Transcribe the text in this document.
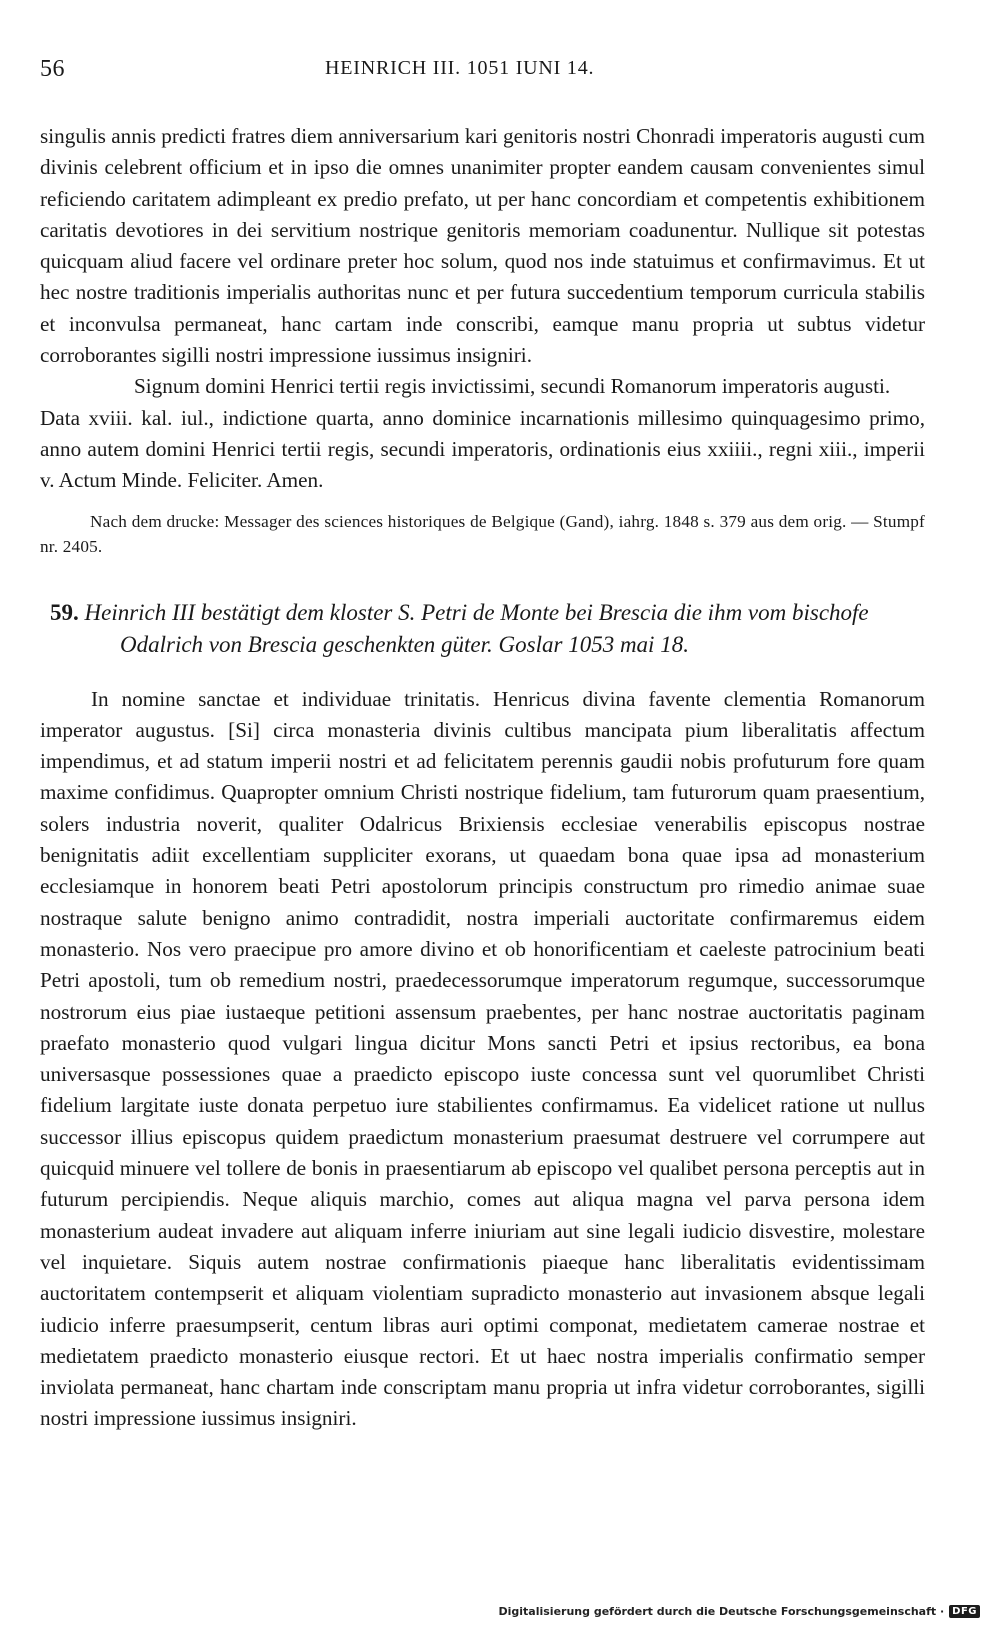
56	HEINRICH III. 1051 IUNI 14.

singulis annis predicti fratres diem anniversarium kari genitoris nostri Chonradi imperatoris augusti cum divinis celebrent officium et in ipso die omnes unanimiter propter eandem causam convenientes simul reficiendo caritatem adimpleant ex predio prefato, ut per hanc concordiam et competentis exhibitionem caritatis devotiores in dei servitium nostrique genitoris memoriam coadunentur. Nullique sit potestas quicquam aliud facere vel ordinare preter hoc solum, quod nos inde statuimus et confirmavimus. Et ut hec nostre traditionis imperialis authoritas nunc et per futura succedentium temporum curricula stabilis et inconvulsa permaneat, hanc cartam inde conscribi, eamque manu propria ut subtus videtur corroborantes sigilli nostri impressione iussimus insigniri.

Signum domini Henrici tertii regis invictissimi, secundi Romanorum imperatoris augusti.

Data xviii. kal. iul., indictione quarta, anno dominice incarnationis millesimo quinquagesimo primo, anno autem domini Henrici tertii regis, secundi imperatoris, ordinationis eius xxiiii., regni xiii., imperii v. Actum Minde. Feliciter. Amen.

Nach dem drucke: Messager des sciences historiques de Belgique (Gand), iahrg. 1848 s. 379 aus dem orig. — Stumpf nr. 2405.

59. Heinrich III bestätigt dem kloster S. Petri de Monte bei Brescia die ihm vom bischofe Odalrich von Brescia geschenkten güter. Goslar 1053 mai 18.

In nomine sanctae et individuae trinitatis. Henricus divina favente clementia Romanorum imperator augustus. [Si] circa monasteria divinis cultibus mancipata pium liberalitatis affectum impendimus, et ad statum imperii nostri et ad felicitatem perennis gaudii nobis profuturum fore quam maxime confidimus. Quapropter omnium Christi nostrique fidelium, tam futurorum quam praesentium, solers industria noverit, qualiter Odalricus Brixiensis ecclesiae venerabilis episcopus nostrae benignitatis adiit excellentiam suppliciter exorans, ut quaedam bona quae ipsa ad monasterium ecclesiamque in honorem beati Petri apostolorum principis constructum pro rimedio animae suae nostraque salute benigno animo contradidit, nostra imperiali auctoritate confirmaremus eidem monasterio. Nos vero praecipue pro amore divino et ob honorificentiam et caeleste patrocinium beati Petri apostoli, tum ob remedium nostri, praedecessorumque imperatorum regumque, successorumque nostrorum eius piae iustaeque petitioni assensum praebentes, per hanc nostrae auctoritatis paginam praefato monasterio quod vulgari lingua dicitur Mons sancti Petri et ipsius rectoribus, ea bona universasque possessiones quae a praedicto episcopo iuste concessa sunt vel quorumlibet Christi fidelium largitate iuste donata perpetuo iure stabilientes confirmamus. Ea videlicet ratione ut nullus successor illius episcopus quidem praedictum monasterium praesumat destruere vel corrumpere aut quicquid minuere vel tollere de bonis in praesentiarum ab episcopo vel qualibet persona perceptis aut in futurum percipiendis. Neque aliquis marchio, comes aut aliqua magna vel parva persona idem monasterium audeat invadere aut aliquam inferre iniuriam aut sine legali iudicio disvestire, molestare vel inquietare. Siquis autem nostrae confirmationis piaeque hanc liberalitatis evidentissimam auctoritatem contempserit et aliquam violentiam supradicto monasterio aut invasionem absque legali iudicio inferre praesumpserit, centum libras auri optimi componat, medietatem camerae nostrae et medietatem praedicto monasterio eiusque rectori. Et ut haec nostra imperialis confirmatio semper inviolata permaneat, hanc chartam inde conscriptam manu propria ut infra videtur corroborantes, sigilli nostri impressione iussimus insigniri.

Digitalisierung gefördert durch die Deutsche Forschungsgemeinschaft · DFG
